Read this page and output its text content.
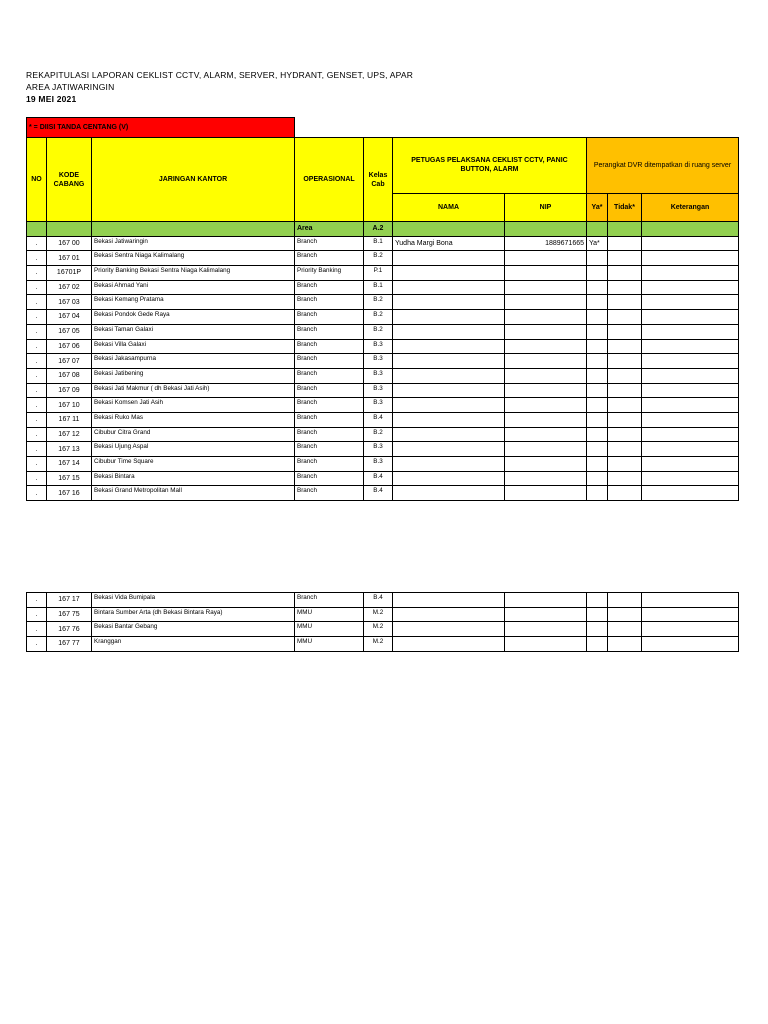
REKAPITULASI LAPORAN CEKLIST CCTV, ALARM, SERVER, HYDRANT, GENSET, UPS, APAR
AREA JATIWARINGIN
19 MEI 2021
* = DIISI TANDA CENTANG (V)									
NO	KODE CABANG	JARINGAN KANTOR	OPERASIONAL	Kelas Cab	PETUGAS PELAKSANA CEKLIST CCTV, PANIC BUTTON, ALARM		Perangkat DVR ditempatkan di ruang server		
					NAMA	NIP	Ya*	Tidak*	Keterangan
			Area	A.2					
.	167 00	Bekasi Jatiwaringin	Branch	B.1	Yudha Margi Bona	1889671665	Ya*		
.	167 01	Bekasi Sentra Niaga Kalimalang	Branch	B.2					
.	16701P	Priority Banking Bekasi Sentra Niaga Kalimalang	Priority Banking	P.1					
.	167 02	Bekasi Ahmad Yani	Branch	B.1					
.	167 03	Bekasi Kemang Pratama	Branch	B.2					
.	167 04	Bekasi Pondok Gede Raya	Branch	B.2					
.	167 05	Bekasi Taman Galaxi	Branch	B.2					
.	167 06	Bekasi Villa Galaxi	Branch	B.3					
.	167 07	Bekasi Jakasampurna	Branch	B.3					
.	167 08	Bekasi Jatibening	Branch	B.3					
.	167 09	Bekasi Jati Makmur ( dh Bekasi Jati Asih)	Branch	B.3					
.	167 10	Bekasi Komsen Jati Asih	Branch	B.3					
.	167 11	Bekasi Ruko Mas	Branch	B.4					
.	167 12	Cibubur Citra Grand	Branch	B.2					
.	167 13	Bekasi Ujung Aspal	Branch	B.3					
.	167 14	Cibubur Time Square	Branch	B.3					
.	167 15	Bekasi Bintara	Branch	B.4					
.	167 16	Bekasi Grand Metropolitan Mall	Branch	B.4					
.	167 17	Bekasi Vida Bumipala	Branch	B.4					
.	167 75	Bintara Sumber Arta (dh Bekasi Bintara Raya)	MMU	M.2					
.	167 76	Bekasi Bantar Gebang	MMU	M.2					
.	167 77	Kranggan	MMU	M.2					
